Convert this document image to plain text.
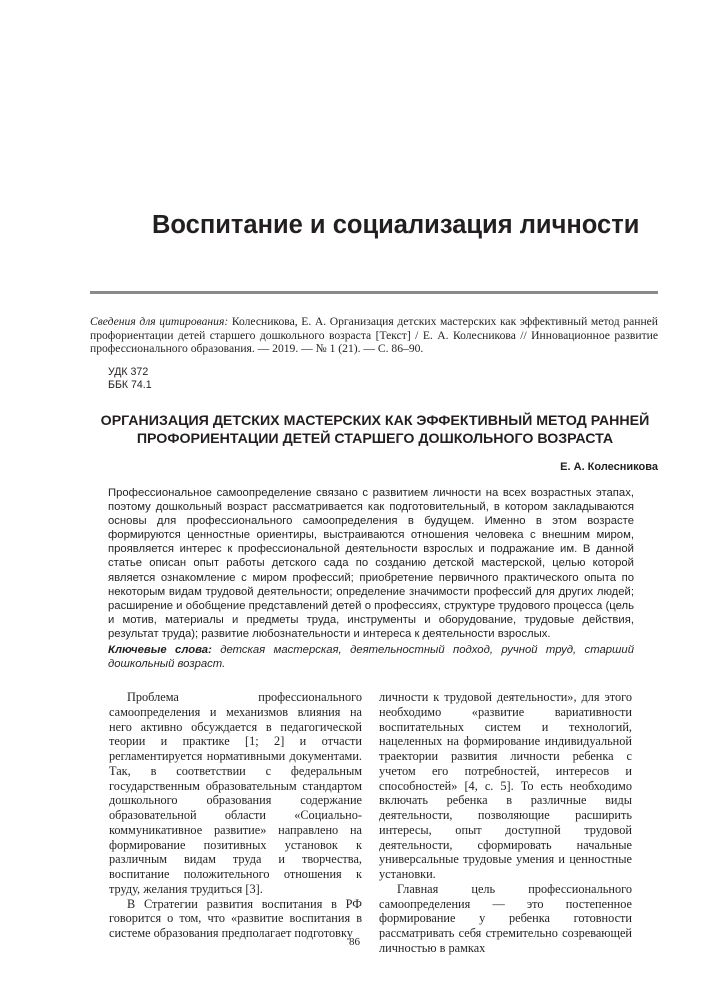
Воспитание и социализация личности
Сведения для цитирования: Колесникова, Е. А. Организация детских мастерских как эффективный метод ранней профориентации детей старшего дошкольного возраста [Текст] / Е. А. Колесникова // Инновационное развитие профессионального образования. — 2019. — № 1 (21). — С. 86–90.
УДК 372
ББК 74.1
ОРГАНИЗАЦИЯ ДЕТСКИХ МАСТЕРСКИХ КАК ЭФФЕКТИВНЫЙ МЕТОД РАННЕЙ ПРОФОРИЕНТАЦИИ ДЕТЕЙ СТАРШЕГО ДОШКОЛЬНОГО ВОЗРАСТА
Е. А. Колесникова

Профессиональное самоопределение связано с развитием личности на всех возрастных этапах, поэтому дошкольный возраст рассматривается как подготовительный, в котором закладываются основы для профессионального самоопределения в будущем. Именно в этом возрасте формируются ценностные ориентиры, выстраиваются отношения человека с внешним миром, проявляется интерес к профессиональной деятельности взрослых и подражание им. В данной статье описан опыт работы детского сада по созданию детской мастерской, целью которой является ознакомление с миром профессий; приобретение первичного практического опыта по некоторым видам трудовой деятельности; определение значимости профессий для других людей; расширение и обобщение представлений детей о профессиях, структуре трудового процесса (цель и мотив, материалы и предметы труда, инструменты и оборудование, трудовые действия, результат труда); развитие любознательности и интереса к деятельности взрослых.

Ключевые слова: детская мастерская, деятельностный подход, ручной труд, старший дошкольный возраст.

Проблема профессионального самоопределения и механизмов влияния на него активно обсуждается в педагогической теории и практике [1; 2] и отчасти регламентируется нормативными документами. Так, в соответствии с федеральным государственным образовательным стандартом дошкольного образования содержание образовательной области «Социально-коммуникативное развитие» направлено на формирование позитивных установок к различным видам труда и творчества, воспитание положительного отношения к труду, желания трудиться [3].

В Стратегии развития воспитания в РФ говорится о том, что «развитие воспитания в системе образования предполагает подготовку

личности к трудовой деятельности», для этого необходимо «развитие вариативности воспитательных систем и технологий, нацеленных на формирование индивидуальной траектории развития личности ребенка с учетом его потребностей, интересов и способностей» [4, с. 5]. То есть необходимо включать ребенка в различные виды деятельности, позволяющие расширить интересы, опыт доступной трудовой деятельности, сформировать начальные универсальные трудовые умения и ценностные установки.

Главная цель профессионального самоопределения — это постепенное формирование у ребенка готовности рассматривать себя стремительно созревающей личностью в рамках

86
